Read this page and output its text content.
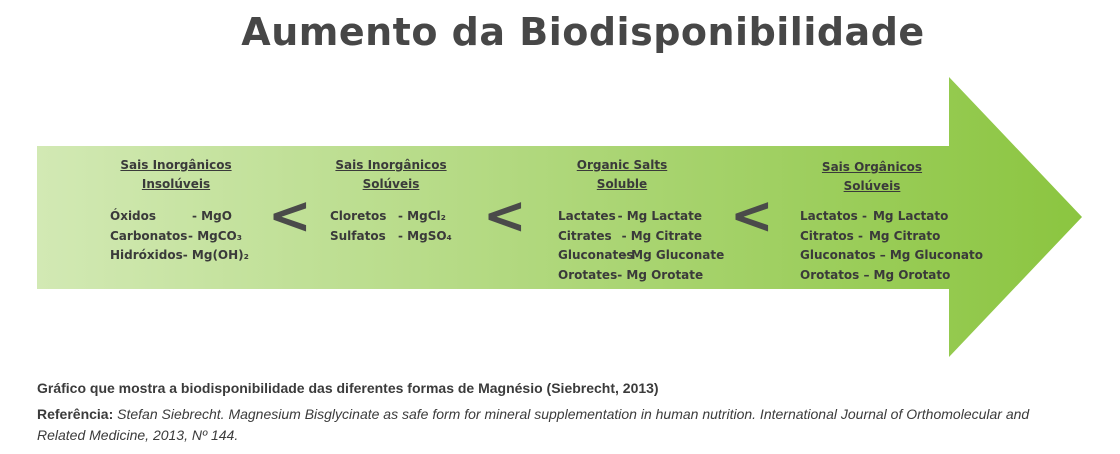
Aumento da Biodisponibilidade
Sais Inorgânicos
Insolúveis
Óxidos	- MgO
Carbonatos - MgCO₃
Hidróxidos - Mg(OH)₂
<
Sais Inorgânicos
Solúveis
Cloretos - MgCl₂
Sulfatos	- MgSO₄ <
Organic Salts
Soluble
Lactates - Mg Lactate
Citrates - Mg Citrate
Gluconates
- Mg Gluconate
Orotates - Mg Orotate
<
Sais Orgânicos
Solúveis
Lactatos - Mg Lactato
Citratos - Mg Citrato
Gluconatos – Mg Gluconato
Orotatos – Mg Orotato
Gráfico que mostra a biodisponibilidade das diferentes formas de Magnésio (Siebrecht, 2013)
Referência: Stefan Siebrecht. Magnesium Bisglycinate as safe form for mineral supplementation in human nutrition. International Journal of Orthomolecular and Related Medicine, 2013, Nº 144.
